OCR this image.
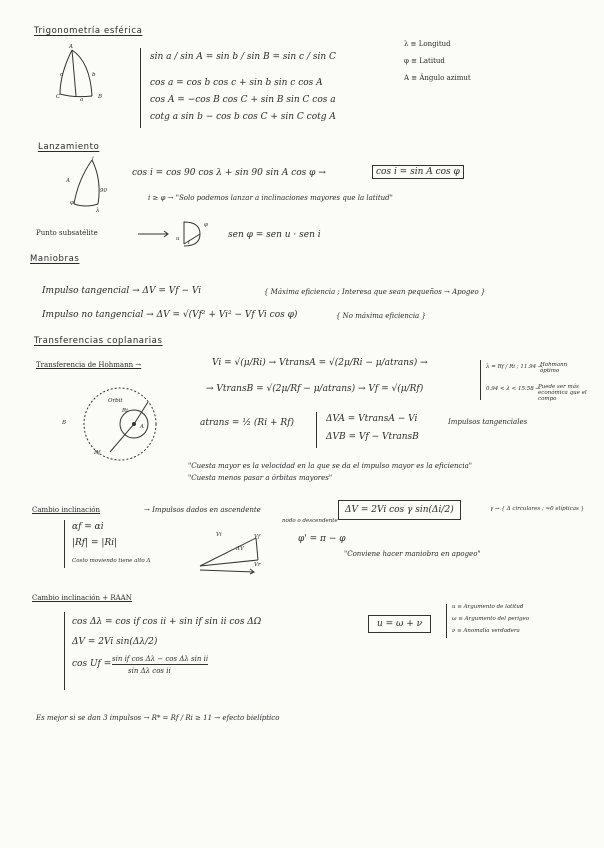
Trigonometría esférica
A
c	b
B
a
C
sin a / sin A = sin b / sin B = sin c / sin C
cos a = cos b cos c + sin b sin c cos A
cos A = −cos B cos C + sin B sin C cos a
cotg a sin b − cos b cos C + sin C cotg A
λ ≡ Longitud
φ ≡ Latitud
A ≡ Ángulo azimut
Lanzamiento
i
A
90
φ
λ
cos i = cos 90 cos λ + sin 90 sin A cos φ →	cos i = sin A cos φ
i ≥ φ → "Solo podemos lanzar a inclinaciones mayores que la latitud"
Punto subsatélite
u
i
φ
sen φ = sen u · sen i
Maniobras
Impulso tangencial → ΔV = Vf − Vi	{ Máxima eficiencia ; Interesa que sean pequeños → Apogeo }
Impulso no tangencial → ΔV = √(Vf² + Vi² − Vf Vi cos φ)	{ No máxima eficiencia }
Transferencias coplanarias
Transferencia de Hohmann →	Vi = √(μ/Ri) → VtransA = √(2μ/Ri − μ/atrans) →
→ VtransB = √(2μ/Rf − μ/atrans) → Vf = √(μ/Rf)
λ = Rf / Ri ; 11.94 →
Hohmann óptimo
0.94 < λ < 15.58 →
Puede ser más económica que el compo
Orbit
B
A
Ri
Rf
atrans = ½ (Ri + Rf)	ΔVA = VtransA − Vi
ΔVB = Vf − VtransB
Impulsos tangenciales
"Cuesta mayor es la velocidad en la que se da el impulso mayor es la eficiencia"
"Cuesta menos pasar a órbitas mayores"
Cambio inclinación	→ Impulsos dados en ascendente
nodo o descendente
ΔV = 2Vi cos γ sin(Δi/2)	γ → { Δ circulares ; ≈0 elípticas }
αf = αi
|Rf| = |Ri|
Costo moviendo tiene alto Δ
Vi	Vf
ΔV
Vr
φ' = π − φ
"Conviene hacer maniobra en apogeo"
Cambio inclinación + RAAN
cos Δλ = cos if cos ii + sin if sin ii cos ΔΩ
ΔV = 2Vi sin(Δλ/2)
cos Uf = sin if cos Δλ − cos Δλ sin ii
sin Δλ cos ii
u = ω + ν
u ≡ Argumento de latitud
ω ≡ Argumento del perigeo
ν ≡ Anomalía verdadera
Es mejor si se dan 3 impulsos → R* = Rf / Ri ≥ 11 → efecto bielíptico
